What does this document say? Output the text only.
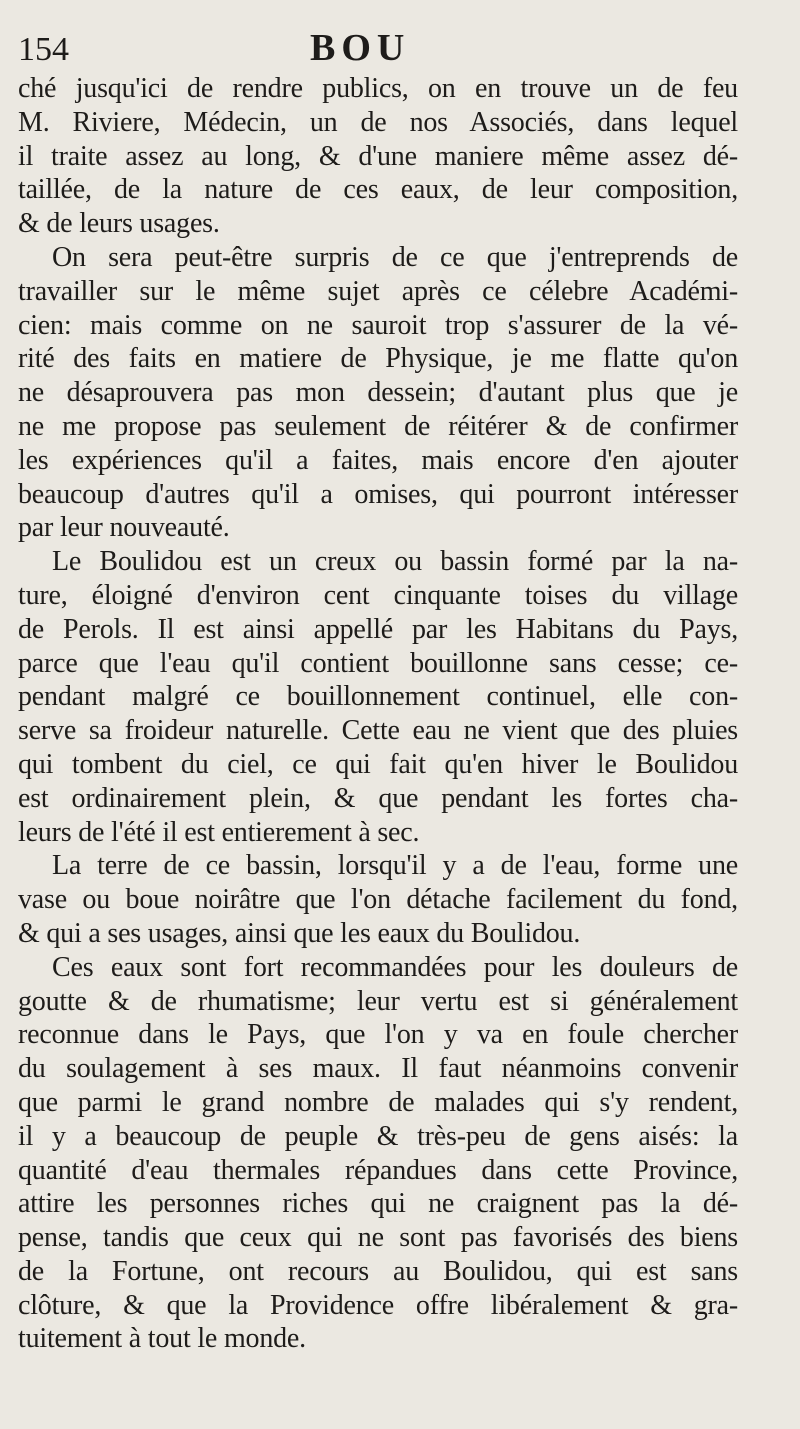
154	BOU
ché jusqu'ici de rendre publics, on en trouve un de feu
M. Riviere, Médecin, un de nos Associés, dans lequel
il traite assez au long, & d'une maniere même assez dé-
taillée, de la nature de ces eaux, de leur composition,
& de leurs usages.
On sera peut-être surpris de ce que j'entreprends de
travailler sur le même sujet après ce célebre Académi-
cien: mais comme on ne sauroit trop s'assurer de la vé-
rité des faits en matiere de Physique, je me flatte qu'on
ne désaprouvera pas mon dessein; d'autant plus que je
ne me propose pas seulement de réitérer & de confirmer
les expériences qu'il a faites, mais encore d'en ajouter
beaucoup d'autres qu'il a omises, qui pourront intéresser
par leur nouveauté.
Le Boulidou est un creux ou bassin formé par la na-
ture, éloigné d'environ cent cinquante toises du village
de Perols. Il est ainsi appellé par les Habitans du Pays,
parce que l'eau qu'il contient bouillonne sans cesse; ce-
pendant malgré ce bouillonnement continuel, elle con-
serve sa froideur naturelle. Cette eau ne vient que des pluies
qui tombent du ciel, ce qui fait qu'en hiver le Boulidou
est ordinairement plein, & que pendant les fortes cha-
leurs de l'été il est entierement à sec.
La terre de ce bassin, lorsqu'il y a de l'eau, forme une
vase ou boue noirâtre que l'on détache facilement du fond,
& qui a ses usages, ainsi que les eaux du Boulidou.
Ces eaux sont fort recommandées pour les douleurs de
goutte & de rhumatisme; leur vertu est si généralement
reconnue dans le Pays, que l'on y va en foule chercher
du soulagement à ses maux. Il faut néanmoins convenir
que parmi le grand nombre de malades qui s'y rendent,
il y a beaucoup de peuple & très-peu de gens aisés: la
quantité d'eau thermales répandues dans cette Province,
attire les personnes riches qui ne craignent pas la dé-
pense, tandis que ceux qui ne sont pas favorisés des biens
de la Fortune, ont recours au Boulidou, qui est sans
clôture, & que la Providence offre libéralement & gra-
tuitement à tout le monde.
